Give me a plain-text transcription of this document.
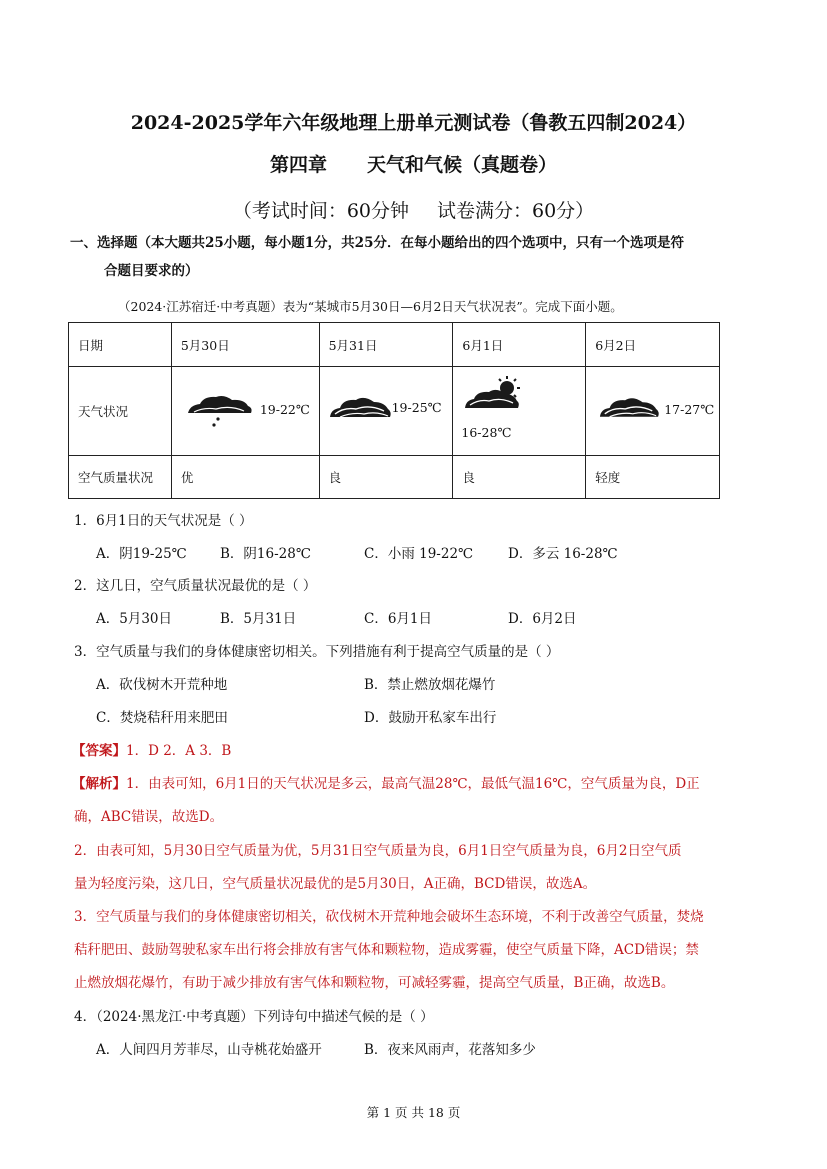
2024-2025学年六年级地理上册单元测试卷（鲁教五四制2024）
第四章 天气和气候（真题卷）
（考试时间：60分钟 试卷满分：60分）
一、选择题（本大题共25小题，每小题1分，共25分．在每小题给出的四个选项中，只有一个选项是符
合题目要求的）
（2024·江苏宿迁·中考真题）表为“某城市5月30日—6月2日天气状况表”。完成下面小题。
日期	5月30日	5月31日	6月1日	6月2日
天气状况	19-22℃	19-25℃	16-28℃	17-27℃

空气质量状况	优	良	良	轻度
1．6月1日的天气状况是（ ）
A．阴19-25℃ B．阴16-28℃	C．小雨 19-22℃	D．多云 16-28℃
2．这几日，空气质量状况最优的是（ ）
A．5月30日	B．5月31日	C．6月1日	D．6月2日
3．空气质量与我们的身体健康密切相关。下列措施有利于提高空气质量的是（ ）
A．砍伐树木开荒种地	B．禁止燃放烟花爆竹
C．焚烧秸秆用来肥田	D．鼓励开私家车出行
【答案】1．D 2．A 3．B
【解析】1．由表可知，6月1日的天气状况是多云，最高气温28℃，最低气温16℃，空气质量为良，D正
确，ABC错误，故选D。
2．由表可知，5月30日空气质量为优，5月31日空气质量为良，6月1日空气质量为良，6月2日空气质
量为轻度污染，这几日，空气质量状况最优的是5月30日，A正确，BCD错误，故选A。
3．空气质量与我们的身体健康密切相关，砍伐树木开荒种地会破坏生态环境，不利于改善空气质量，焚烧
秸秆肥田、鼓励驾驶私家车出行将会排放有害气体和颗粒物，造成雾霾，使空气质量下降，ACD错误；禁
止燃放烟花爆竹，有助于减少排放有害气体和颗粒物，可减轻雾霾，提高空气质量，B正确，故选B。
4．（2024·黑龙江·中考真题）下列诗句中描述气候的是（ ）
A．人间四月芳菲尽，山寺桃花始盛开	B．夜来风雨声，花落知多少
第 1 页 共 18 页
